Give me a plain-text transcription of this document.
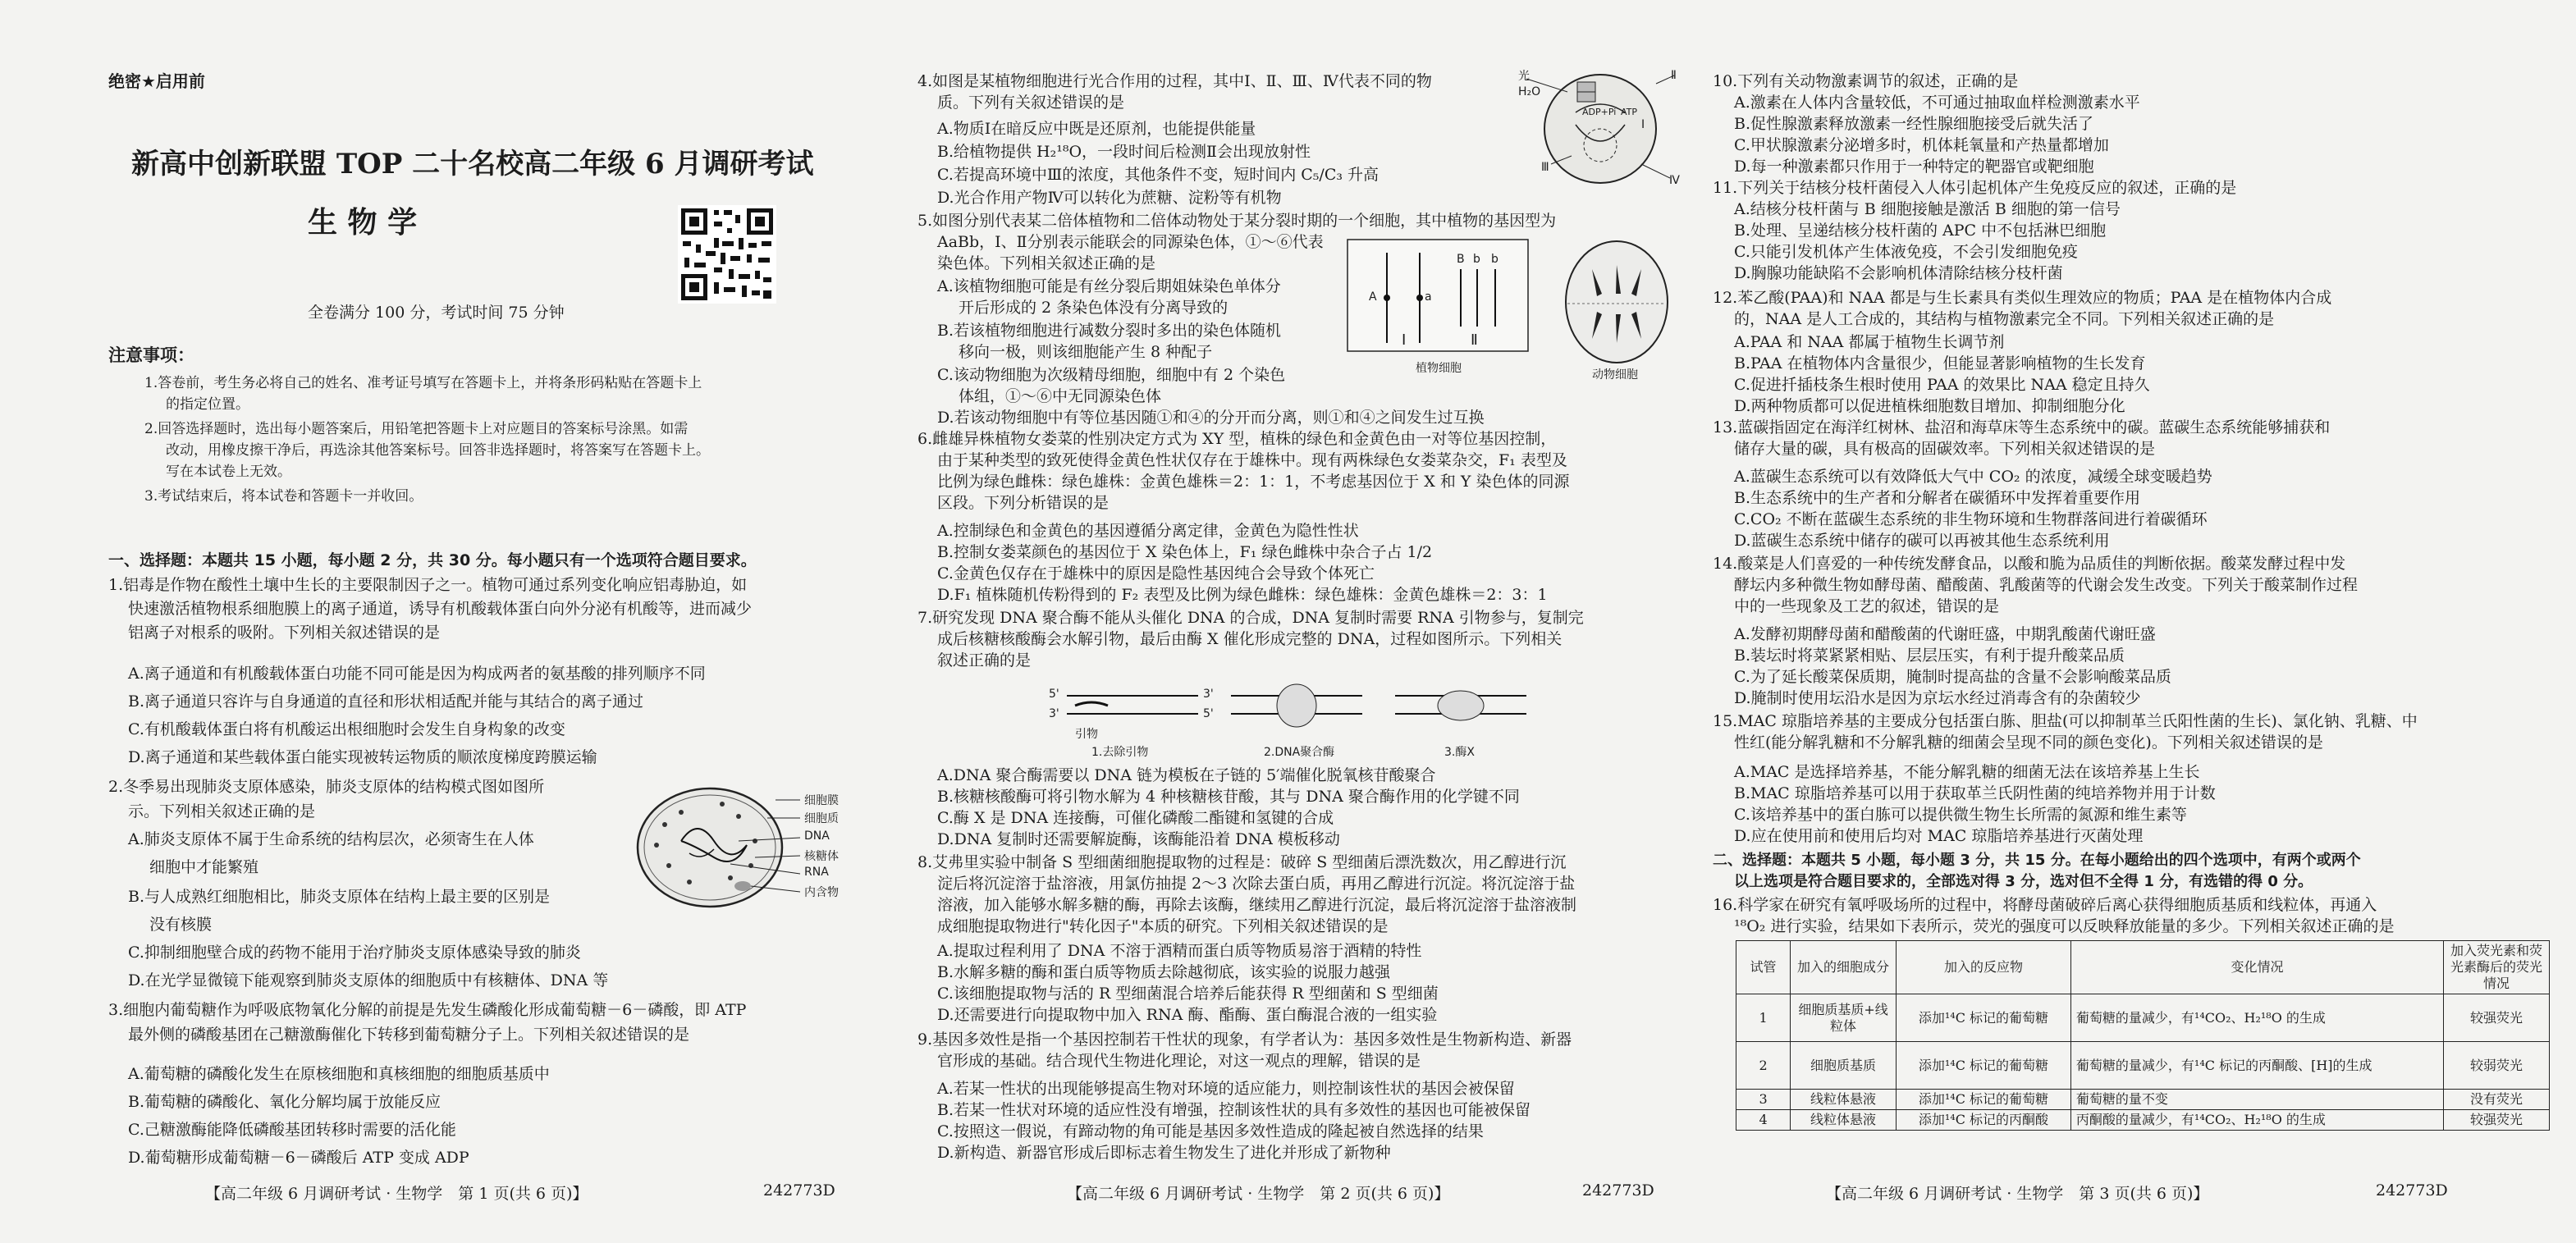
绝密★启用前
新高中创新联盟 TOP 二十名校高二年级 6 月调研考试
生 物 学
全卷满分 100 分，考试时间 75 分钟
注意事项：
1.答卷前，考生务必将自己的姓名、准考证号填写在答题卡上，并将条形码粘贴在答题卡上
的指定位置。
2.回答选择题时，选出每小题答案后，用铅笔把答题卡上对应题目的答案标号涂黑。如需
改动，用橡皮擦干净后，再选涂其他答案标号。回答非选择题时，将答案写在答题卡上。
写在本试卷上无效。
3.考试结束后，将本试卷和答题卡一并收回。
一、选择题：本题共 15 小题，每小题 2 分，共 30 分。每小题只有一个选项符合题目要求。
1.铝毒是作物在酸性土壤中生长的主要限制因子之一。植物可通过系列变化响应铝毒胁迫，如
快速激活植物根系细胞膜上的离子通道，诱导有机酸载体蛋白向外分泌有机酸等，进而减少
铝离子对根系的吸附。下列相关叙述错误的是
A.离子通道和有机酸载体蛋白功能不同可能是因为构成两者的氨基酸的排列顺序不同
B.离子通道只容许与自身通道的直径和形状相适配并能与其结合的离子通过
C.有机酸载体蛋白将有机酸运出根细胞时会发生自身构象的改变
D.离子通道和某些载体蛋白能实现被转运物质的顺浓度梯度跨膜运输
2.冬季易出现肺炎支原体感染，肺炎支原体的结构模式图如图所
示。下列相关叙述正确的是
A.肺炎支原体不属于生命系统的结构层次，必须寄生在人体
细胞中才能繁殖
B.与人成熟红细胞相比，肺炎支原体在结构上最主要的区别是
没有核膜
C.抑制细胞壁合成的药物不能用于治疗肺炎支原体感染导致的肺炎
D.在光学显微镜下能观察到肺炎支原体的细胞质中有核糖体、DNA 等
细胞膜
细胞质
DNA
核糖体
RNA
内含物
3.细胞内葡萄糖作为呼吸底物氧化分解的前提是先发生磷酸化形成葡萄糖－6－磷酸，即 ATP
最外侧的磷酸基团在己糖激酶催化下转移到葡萄糖分子上。下列相关叙述错误的是
A.葡萄糖的磷酸化发生在原核细胞和真核细胞的细胞质基质中
B.葡萄糖的磷酸化、氧化分解均属于放能反应
C.己糖激酶能降低磷酸基团转移时需要的活化能
D.葡萄糖形成葡萄糖－6－磷酸后 ATP 变成 ADP
【高二年级 6 月调研考试 · 生物学　第 1 页(共 6 页)】	242773D
4.如图是某植物细胞进行光合作用的过程，其中Ⅰ、Ⅱ、Ⅲ、Ⅳ代表不同的物
质。下列有关叙述错误的是
A.物质Ⅰ在暗反应中既是还原剂，也能提供能量
B.给植物提供 H₂¹⁸O，一段时间后检测Ⅱ会出现放射性
C.若提高环境中Ⅲ的浓度，其他条件不变，短时间内 C₅/C₃ 升高
D.光合作用产物Ⅳ可以转化为蔗糖、淀粉等有机物
光
H₂O
ADP+Pi ATP
Ⅰ
Ⅱ
Ⅲ
Ⅳ
5.如图分别代表某二倍体植物和二倍体动物处于某分裂时期的一个细胞，其中植物的基因型为
AaBb，Ⅰ、Ⅱ分别表示能联会的同源染色体，①～⑥代表
染色体。下列相关叙述正确的是
A.该植物细胞可能是有丝分裂后期姐妹染色单体分
开后形成的 2 条染色体没有分离导致的
B.若该植物细胞进行减数分裂时多出的染色体随机
移向一极，则该细胞能产生 8 种配子
C.该动物细胞为次级精母细胞，细胞中有 2 个染色
体组，①～⑥中无同源染色体
D.若该动物细胞中有等位基因随①和④的分开而分离，则①和④之间发生过互换
A	a
B b b
Ⅰ	Ⅱ
植物细胞	动物细胞
6.雌雄异株植物女娄菜的性别决定方式为 XY 型，植株的绿色和金黄色由一对等位基因控制，
由于某种类型的致死使得金黄色性状仅存在于雄株中。现有两株绿色女娄菜杂交，F₁ 表型及
比例为绿色雌株：绿色雄株：金黄色雄株＝2：1：1，不考虑基因位于 X 和 Y 染色体的同源
区段。下列分析错误的是
A.控制绿色和金黄色的基因遵循分离定律，金黄色为隐性性状
B.控制女娄菜颜色的基因位于 X 染色体上，F₁ 绿色雌株中杂合子占 1/2
C.金黄色仅存在于雄株中的原因是隐性基因纯合会导致个体死亡
D.F₁ 植株随机传粉得到的 F₂ 表型及比例为绿色雌株：绿色雄株：金黄色雄株＝2：3：1
7.研究发现 DNA 聚合酶不能从头催化 DNA 的合成，DNA 复制时需要 RNA 引物参与，复制完
成后核糖核酸酶会水解引物，最后由酶 X 催化形成完整的 DNA，过程如图所示。下列相关
叙述正确的是
5'	3'
3'	5'
引物
1.去除引物	2.DNA聚合酶	3.酶X
A.DNA 聚合酶需要以 DNA 链为模板在子链的 5′端催化脱氧核苷酸聚合
B.核糖核酸酶可将引物水解为 4 种核糖核苷酸，其与 DNA 聚合酶作用的化学键不同
C.酶 X 是 DNA 连接酶，可催化磷酸二酯键和氢键的合成
D.DNA 复制时还需要解旋酶，该酶能沿着 DNA 模板移动
8.艾弗里实验中制备 S 型细菌细胞提取物的过程是：破碎 S 型细菌后漂洗数次，用乙醇进行沉
淀后将沉淀溶于盐溶液，用氯仿抽提 2～3 次除去蛋白质，再用乙醇进行沉淀。将沉淀溶于盐
溶液，加入能够水解多糖的酶，再除去该酶，继续用乙醇进行沉淀，最后将沉淀溶于盐溶液制
成细胞提取物进行"转化因子"本质的研究。下列相关叙述错误的是
A.提取过程利用了 DNA 不溶于酒精而蛋白质等物质易溶于酒精的特性
B.水解多糖的酶和蛋白质等物质去除越彻底，该实验的说服力越强
C.该细胞提取物与活的 R 型细菌混合培养后能获得 R 型细菌和 S 型细菌
D.还需要进行向提取物中加入 RNA 酶、酯酶、蛋白酶混合液的一组实验
9.基因多效性是指一个基因控制若干性状的现象，有学者认为：基因多效性是生物新构造、新器
官形成的基础。结合现代生物进化理论，对这一观点的理解，错误的是
A.若某一性状的出现能够提高生物对环境的适应能力，则控制该性状的基因会被保留
B.若某一性状对环境的适应性没有增强，控制该性状的具有多效性的基因也可能被保留
C.按照这一假说，有蹄动物的角可能是基因多效性造成的隆起被自然选择的结果
D.新构造、新器官形成后即标志着生物发生了进化并形成了新物种
【高二年级 6 月调研考试 · 生物学　第 2 页(共 6 页)】	242773D
10.下列有关动物激素调节的叙述，正确的是
A.激素在人体内含量较低，不可通过抽取血样检测激素水平
B.促性腺激素释放激素一经性腺细胞接受后就失活了
C.甲状腺激素分泌增多时，机体耗氧量和产热量都增加
D.每一种激素都只作用于一种特定的靶器官或靶细胞
11.下列关于结核分枝杆菌侵入人体引起机体产生免疫反应的叙述，正确的是
A.结核分枝杆菌与 B 细胞接触是激活 B 细胞的第一信号
B.处理、呈递结核分枝杆菌的 APC 中不包括淋巴细胞
C.只能引发机体产生体液免疫，不会引发细胞免疫
D.胸腺功能缺陷不会影响机体清除结核分枝杆菌
12.苯乙酸(PAA)和 NAA 都是与生长素具有类似生理效应的物质；PAA 是在植物体内合成
的，NAA 是人工合成的，其结构与植物激素完全不同。下列相关叙述正确的是
A.PAA 和 NAA 都属于植物生长调节剂
B.PAA 在植物体内含量很少，但能显著影响植物的生长发育
C.促进扦插枝条生根时使用 PAA 的效果比 NAA 稳定且持久
D.两种物质都可以促进植株细胞数目增加、抑制细胞分化
13.蓝碳指固定在海洋红树林、盐沼和海草床等生态系统中的碳。蓝碳生态系统能够捕获和
储存大量的碳，具有极高的固碳效率。下列相关叙述错误的是
A.蓝碳生态系统可以有效降低大气中 CO₂ 的浓度，减缓全球变暖趋势
B.生态系统中的生产者和分解者在碳循环中发挥着重要作用
C.CO₂ 不断在蓝碳生态系统的非生物环境和生物群落间进行着碳循环
D.蓝碳生态系统中储存的碳可以再被其他生态系统利用
14.酸菜是人们喜爱的一种传统发酵食品，以酸和脆为品质佳的判断依据。酸菜发酵过程中发
酵坛内多种微生物如酵母菌、醋酸菌、乳酸菌等的代谢会发生改变。下列关于酸菜制作过程
中的一些现象及工艺的叙述，错误的是
A.发酵初期酵母菌和醋酸菌的代谢旺盛，中期乳酸菌代谢旺盛
B.装坛时将菜紧紧相贴、层层压实，有利于提升酸菜品质
C.为了延长酸菜保质期，腌制时提高盐的含量不会影响酸菜品质
D.腌制时使用坛沿水是因为京坛水经过消毒含有的杂菌较少
15.MAC 琼脂培养基的主要成分包括蛋白胨、胆盐(可以抑制革兰氏阳性菌的生长)、氯化钠、乳糖、中
性红(能分解乳糖和不分解乳糖的细菌会呈现不同的颜色变化)。下列相关叙述错误的是
A.MAC 是选择培养基，不能分解乳糖的细菌无法在该培养基上生长
B.MAC 琼脂培养基可以用于获取革兰氏阴性菌的纯培养物并用于计数
C.该培养基中的蛋白胨可以提供微生物生长所需的氮源和维生素等
D.应在使用前和使用后均对 MAC 琼脂培养基进行灭菌处理
二、选择题：本题共 5 小题，每小题 3 分，共 15 分。在每小题给出的四个选项中，有两个或两个
以上选项是符合题目要求的，全部选对得 3 分，选对但不全得 1 分，有选错的得 0 分。
16.科学家在研究有氧呼吸场所的过程中，将酵母菌破碎后离心获得细胞质基质和线粒体，再通入
¹⁸O₂ 进行实验，结果如下表所示，荧光的强度可以反映释放能量的多少。下列相关叙述正确的是
试管	加入的细胞成分	加入的反应物	变化情况	加入荧光素和荧光素酶后的荧光情况
1	细胞质基质+线粒体	添加¹⁴C 标记的葡萄糖	葡萄糖的量减少，有¹⁴CO₂、H₂¹⁸O 的生成	较强荧光
2	细胞质基质	添加¹⁴C 标记的葡萄糖	葡萄糖的量减少，有¹⁴C 标记的丙酮酸、[H]的生成	较弱荧光
3	线粒体悬液	添加¹⁴C 标记的葡萄糖	葡萄糖的量不变	没有荧光
4	线粒体悬液	添加¹⁴C 标记的丙酮酸	丙酮酸的量减少，有¹⁴CO₂、H₂¹⁸O 的生成	较强荧光
【高二年级 6 月调研考试 · 生物学　第 3 页(共 6 页)】	242773D
